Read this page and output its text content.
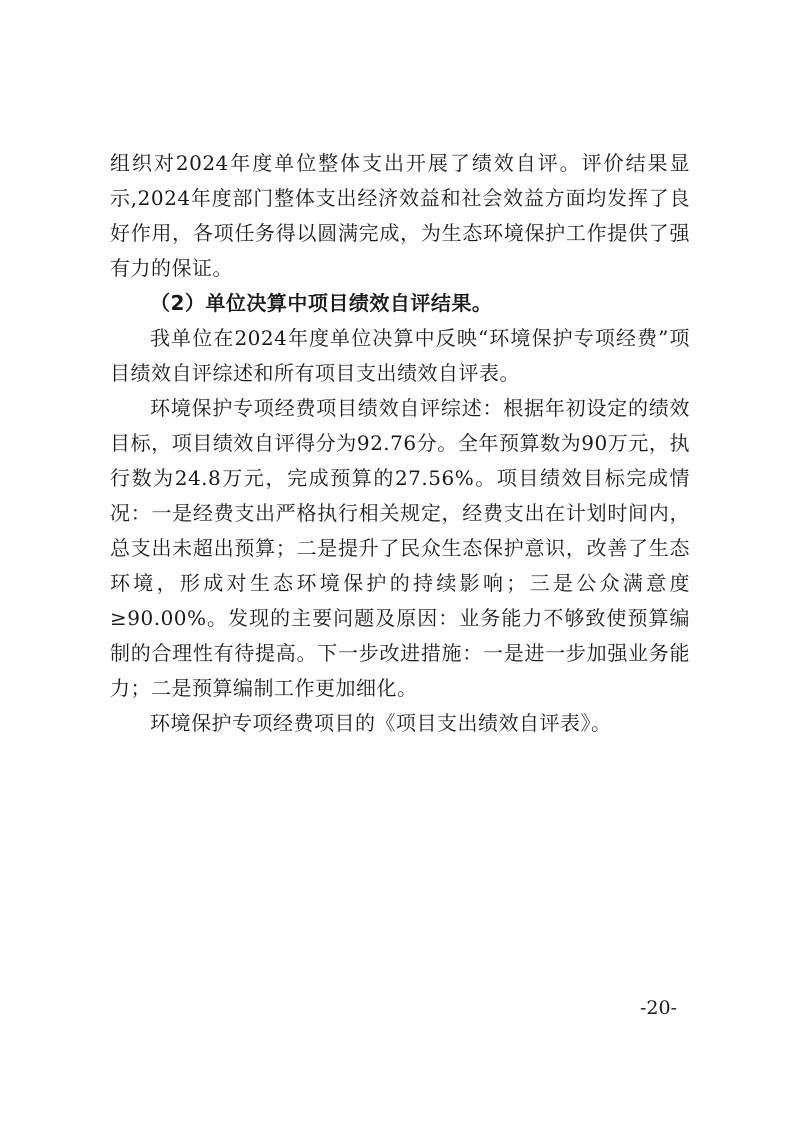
组织对2024年度单位整体支出开展了绩效自评。评价结果显示,2024年度部门整体支出经济效益和社会效益方面均发挥了良好作用，各项任务得以圆满完成，为生态环境保护工作提供了强有力的保证。

（2）单位决算中项目绩效自评结果。

我单位在2024年度单位决算中反映“环境保护专项经费”项目绩效自评综述和所有项目支出绩效自评表。

环境保护专项经费项目绩效自评综述：根据年初设定的绩效目标，项目绩效自评得分为92.76分。全年预算数为90万元，执行数为24.8万元，完成预算的27.56%。项目绩效目标完成情况：一是经费支出严格执行相关规定，经费支出在计划时间内，总支出未超出预算；二是提升了民众生态保护意识，改善了生态环境，形成对生态环境保护的持续影响；三是公众满意度≥90.00%。发现的主要问题及原因：业务能力不够致使预算编制的合理性有待提高。下一步改进措施：一是进一步加强业务能力；二是预算编制工作更加细化。

环境保护专项经费项目的《项目支出绩效自评表》。

-20-
